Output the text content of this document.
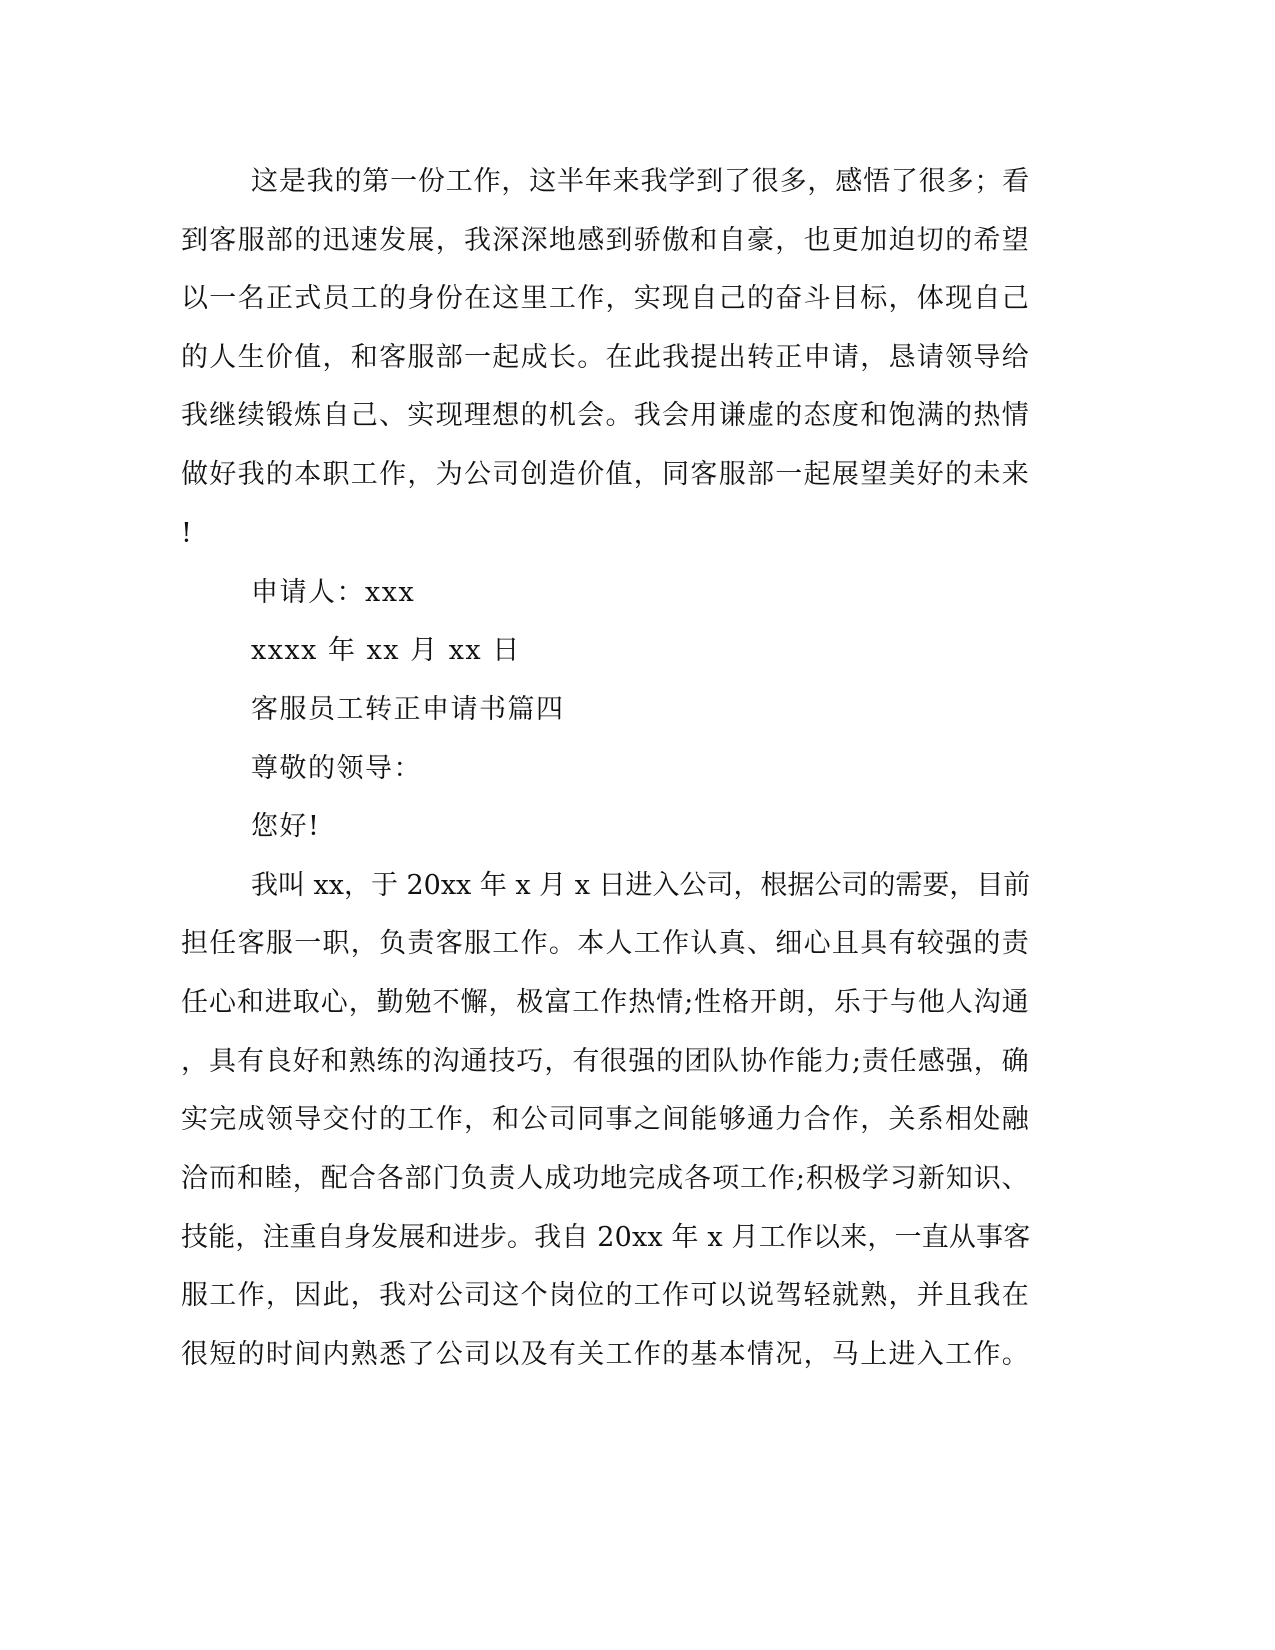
这是我的第一份工作，这半年来我学到了很多，感悟了很多；看
到客服部的迅速发展，我深深地感到骄傲和自豪，也更加迫切的希望
以一名正式员工的身份在这里工作，实现自己的奋斗目标，体现自己
的人生价值，和客服部一起成长。在此我提出转正申请，恳请领导给
我继续锻炼自己、实现理想的机会。我会用谦虚的态度和饱满的热情
做好我的本职工作，为公司创造价值，同客服部一起展望美好的未来
!
申请人：xxx
xxxx 年 xx 月 xx 日
客服员工转正申请书篇四
尊敬的领导：
您好!
我叫 xx，于 20xx 年 x 月 x 日进入公司，根据公司的需要，目前
担任客服一职，负责客服工作。本人工作认真、细心且具有较强的责
任心和进取心，勤勉不懈，极富工作热情;性格开朗，乐于与他人沟通
，具有良好和熟练的沟通技巧，有很强的团队协作能力;责任感强，确
实完成领导交付的工作，和公司同事之间能够通力合作，关系相处融
洽而和睦，配合各部门负责人成功地完成各项工作;积极学习新知识、
技能，注重自身发展和进步。我自 20xx 年 x 月工作以来，一直从事客
服工作，因此，我对公司这个岗位的工作可以说驾轻就熟，并且我在
很短的时间内熟悉了公司以及有关工作的基本情况，马上进入工作。
